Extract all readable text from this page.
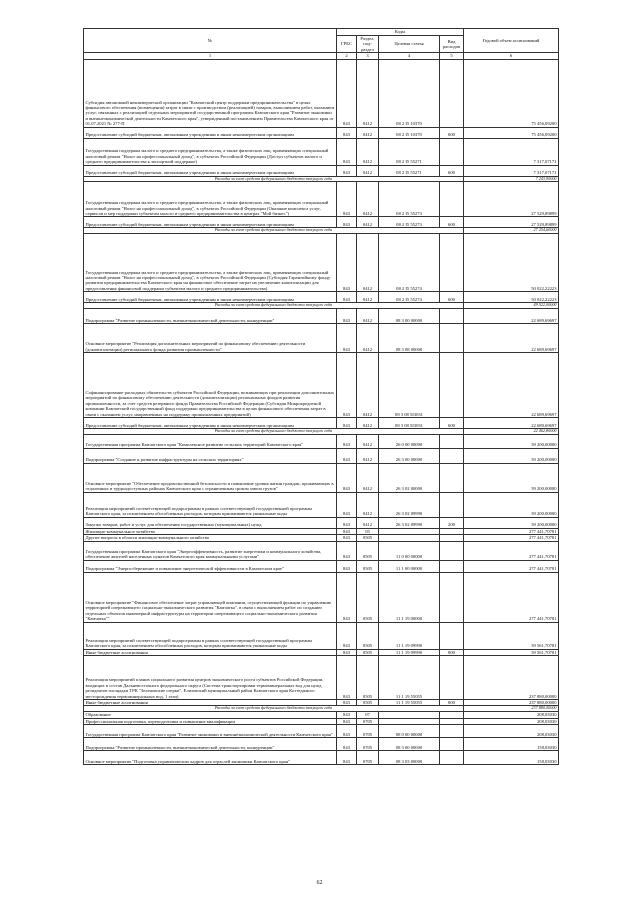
№	Коды				Годовой объем ассигнований
	ГРБС	Раздел, под-раздел	Целевая статья	Вид расходов	
1	2	3	4	5	6
Субсидия автономной некоммерческой организации "Камчатский центр поддержки предпринимательства" в целях финансового обеспечения (возмещения) затрат в связи с производством (реализацией) товаров, выполнением работ, оказанием услуг, связанных с реализацией отдельных мероприятий государственной программы Камчатского края "Развитие экономики и внешнеэкономической деятельности Камчатского края", утвержденный постановлением Правительства Камчатского края от 01.07.2021 № 277-П	843	0412	08 2 I5 10370		75 456,09200
Предоставление субсидий бюджетным, автономным учреждениям и иным некоммерческим организациям	843	0412	08 2 I5 10370	600	75 456,09200
Государственная поддержка малого и среднего предпринимательства, а также физических лиц, применяющих специальный налоговый режим "Налог на профессиональный доход", в субъектах Российской Федерации (Доступ субъектов малого и среднего предпринимательства к экспортной поддержке)	843	0412	08 2 I5 55271		7 317,07171
Предоставление субсидий бюджетным, автономным учреждениям и иным некоммерческим организациям	843	0412	08 2 I5 55271	600	7 317,07171
Расходы за счет средств федерального бюджета текущего года					7 243,90000
Государственная поддержка малого и среднего предпринимательства, а также физических лиц, применяющих специальный налоговый режим "Налог на профессиональный доход", в субъектах Российской Федерации (Оказание комплекса услуг, сервисов и мер поддержки субъектам малого и среднего предпринимательства в центрах "Мой бизнес")	843	0412	08 2 I5 55273		27 529,89899
Предоставление субсидий бюджетным, автономным учреждениям и иным некоммерческим организациям	843	0412	08 2 I5 55273	600	27 529,89899
Расходы за счет средств федерального бюджета текущего года					27 254,60000
Государственная поддержка малого и среднего предпринимательства, а также физических лиц, применяющих специальный налоговый режим "Налог на профессиональный доход", в субъектах Российской Федерации (Субсидия Гарантийному фонду развития предпринимательства Камчатского края на финансовое обеспечение затрат на увеличение капитализации для предоставления финансовой поддержки субъектам малого и среднего предпринимательства)	843	0412	08 2 I5 55274		50 022,22223
Предоставление субсидий бюджетным, автономным учреждениям и иным некоммерческим организациям	843	0412	08 2 I5 55274	600	50 022,22223
Расходы за счет средств федерального бюджета текущего года					49 522,00000
Подпрограмма "Развитие промышленности, внешнеэкономической деятельности, конкуренции"	843	0412	08 3 00 00000		22 689,69697
Основное мероприятие "Реализация дополнительных мероприятий по финансовому обеспечению деятельности (докапитализации) регионального фонда развития промышленности"	843	0412	08 3 08 00000		22 689,69697
Софинансирование расходных обязательств субъектов Российской Федерации, возникающих при реализации дополнительных мероприятий по финансовому обеспечению деятельности (докапитализации) региональных фондов развития промышленности, за счет средств резервного фонда Правительства Российской Федерации (Субсидия Микрокредитной компании Камчатский государственный фонд поддержки предпринимательства в целях финансового обеспечения затрат в связи с оказанием услуг, направленных на поддержку промышленных предприятий)	843	0412	08 3 08 5I3031		22 689,69697
Предоставление субсидий бюджетным, автономным учреждениям и иным некоммерческим организациям	843	0412	08 3 08 5I3031	600	22 689,69697
Расходы за счет средств федерального бюджета текущего года					22 462,80000
Государственная программа Камчатского края "Комплексное развитие сельских территорий Камчатского края"	843	0412	26 0 00 00000		39 200,00000
Подпрограмма "Создание и развитие инфраструктуры на сельских территориях"	843	0412	26 3 00 00000		39 200,00000
Основное мероприятие "Обеспечение продовольственной безопасности и повышение уровня жизни граждан, проживающих в отдаленных и труднодоступных районах Камчатского края с ограниченным сроком завоза грузов"	843	0412	26 3 02 00000		39 200,00000
Реализация мероприятий соответствующей подпрограммы в рамках соответствующей государственной программы Камчатского края, за исключением обособленных расходов, которым присваиваются уникальные коды	843	0412	26 3 02 09990		39 200,00000
Закупка товаров, работ и услуг для обеспечения государственных (муниципальных) нужд	843	0412	26 3 02 09990	200	39 200,00000
Жилищно-коммунальное хозяйство	843	05			277 441,70781
Другие вопросы в области жилищно-коммунального хозяйства	843	0505			277 441,70781
Государственная программа Камчатского края "Энергоэффективность, развитие энергетики и коммунального хозяйства, обеспечение жителей населенных пунктов Камчатского края коммунальными услугами"	843	0505	11 0 00 00000		277 441,70781
Подпрограмма "Энергосбережение и повышение энергетической эффективности в Камчатском крае"	843	0505	11 1 00 00000		277 441,70781
Основное мероприятие "Финансовое обеспечение затрат управляющей компании, осуществляющей функции по управлению территорией опережающего социально-экономического развития "Камчатка", в связи с выполнением работ по созданию отдельных объектов инженерной инфраструктуры на территории опережающего социально-экономического развития "Камчатка""	843	0505	11 1 19 00000		277 441,70781
Реализация мероприятий соответствующей подпрограммы в рамках соответствующей государственной программы Камчатского края, за исключением обособленных расходов, которым присваиваются уникальные коды	843	0505	11 1 19 09990		39 561,70781
Иные бюджетные ассигнования	843	0505	11 1 19 09990	800	39 561,70781
Реализация мероприятий планов социального развития центров экономического роста субъектов Российской Федерации, входящих в состав Дальневосточного федерального округа (Система транспортировки термоминеральных вод для нужд резидентов площадки ТРК "Зеленовские озерки", Елизовский муниципальный район Камчатского края Коттеджного месторождения термоминеральных вод, 1 этап)	843	0505	11 1 19 55055		237 880,00000
Иные бюджетные ассигнования	843	0505	11 1 19 55055	800	237 880,00000
Расходы за счет средств федерального бюджета текущего года					237 880,00000
Образование	843	07			208,03030
Профессиональная подготовка, переподготовка и повышение квалификации	843	0705			208,03030
Государственная программа Камчатского края "Развитие экономики и внешнеэкономической деятельности Камчатского края"	843	0705	08 0 00 00000		208,03030
Подпрограмма "Развитие промышленности, внешнеэкономической деятельности, конкуренции"	843	0705	08 3 00 00000		158,03030
Основное мероприятие "Подготовка управленческих кадров для отраслей экономики Камчатского края"	843	0705	08 3 03 00000		158,03030
62
